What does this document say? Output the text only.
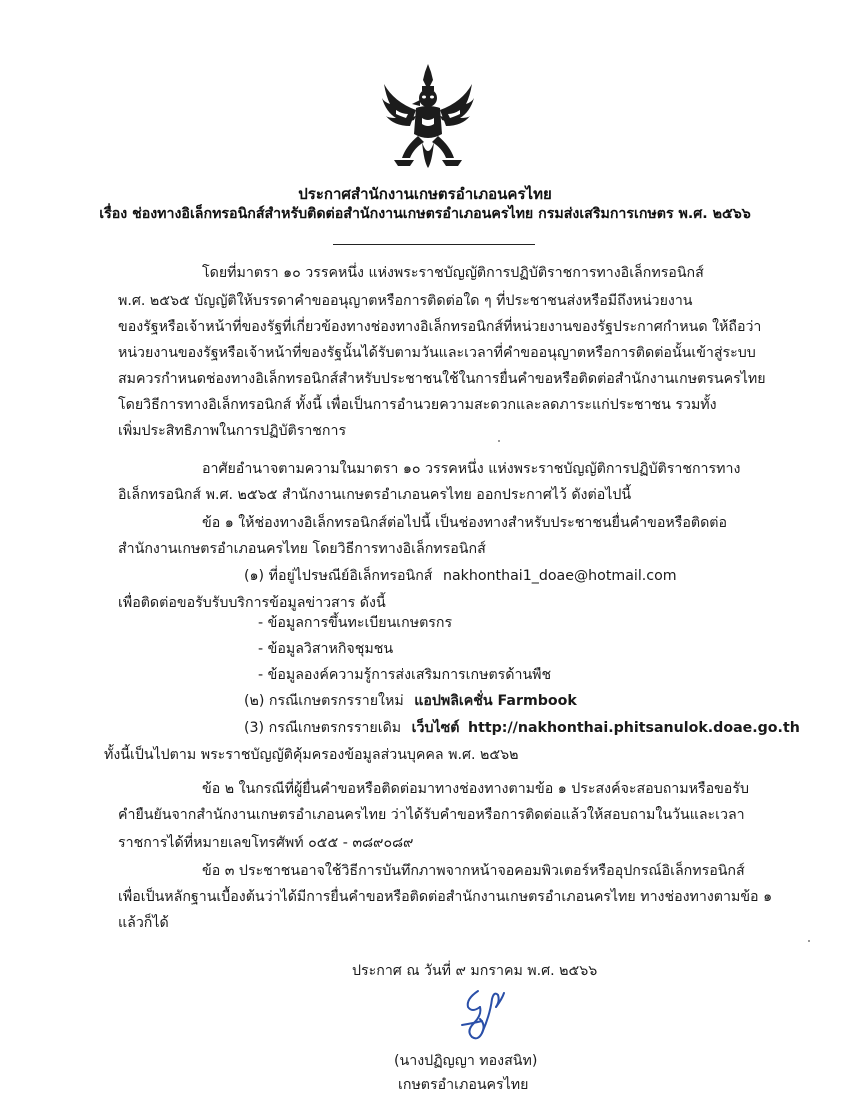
ประกาศสำนักงานเกษตรอำเภอนครไทย
เรื่อง ช่องทางอิเล็กทรอนิกส์สำหรับติดต่อสำนักงานเกษตรอำเภอนครไทย กรมส่งเสริมการเกษตร พ.ศ. ๒๕๖๖
โดยที่มาตรา ๑๐ วรรคหนึ่ง แห่งพระราชบัญญัติการปฏิบัติราชการทางอิเล็กทรอนิกส์
พ.ศ. ๒๕๖๕ บัญญัติให้บรรดาคำขออนุญาตหรือการติดต่อใด ๆ ที่ประชาชนส่งหรือมีถึงหน่วยงาน
ของรัฐหรือเจ้าหน้าที่ของรัฐที่เกี่ยวข้องทางช่องทางอิเล็กทรอนิกส์ที่หน่วยงานของรัฐประกาศกำหนด ให้ถือว่า
หน่วยงานของรัฐหรือเจ้าหน้าที่ของรัฐนั้นได้รับตามวันและเวลาที่คำขออนุญาตหรือการติดต่อนั้นเข้าสู่ระบบ
สมควรกำหนดช่องทางอิเล็กทรอนิกส์สำหรับประชาชนใช้ในการยื่นคำขอหรือติดต่อสำนักงานเกษตรนครไทย
โดยวิธีการทางอิเล็กทรอนิกส์ ทั้งนี้ เพื่อเป็นการอำนวยความสะดวกและลดภาระแก่ประชาชน รวมทั้ง
เพิ่มประสิทธิภาพในการปฏิบัติราชการ
อาศัยอำนาจตามความในมาตรา ๑๐ วรรคหนึ่ง แห่งพระราชบัญญัติการปฏิบัติราชการทาง
อิเล็กทรอนิกส์ พ.ศ. ๒๕๖๕ สำนักงานเกษตรอำเภอนครไทย ออกประกาศไว้ ดังต่อไปนี้
ข้อ ๑ ให้ช่องทางอิเล็กทรอนิกส์ต่อไปนี้ เป็นช่องทางสำหรับประชาชนยื่นคำขอหรือติดต่อ
สำนักงานเกษตรอำเภอนครไทย โดยวิธีการทางอิเล็กทรอนิกส์
(๑) ที่อยู่ไปรษณีย์อิเล็กทรอนิกส์ nakhonthai1_doae@hotmail.com
เพื่อติดต่อขอรับรับบริการข้อมูลข่าวสาร ดังนี้
- ข้อมูลการขึ้นทะเบียนเกษตรกร
- ข้อมูลวิสาหกิจชุมชน
- ข้อมูลองค์ความรู้การส่งเสริมการเกษตรด้านพืช
(๒) กรณีเกษตรกรรายใหม่ แอปพลิเคชั่น Farmbook
(3) กรณีเกษตรกรรายเดิม เว็บไซต์ http://nakhonthai.phitsanulok.doae.go.th
ทั้งนี้เป็นไปตาม พระราชบัญญัติคุ้มครองข้อมูลส่วนบุคคล พ.ศ. ๒๕๖๒
ข้อ ๒ ในกรณีที่ผู้ยื่นคำขอหรือติดต่อมาทางช่องทางตามข้อ ๑ ประสงค์จะสอบถามหรือขอรับ
คำยืนยันจากสำนักงานเกษตรอำเภอนครไทย ว่าได้รับคำขอหรือการติดต่อแล้วให้สอบถามในวันและเวลา
ราชการได้ที่หมายเลขโทรศัพท์ ๐๕๕ - ๓๘๙๐๘๙
ข้อ ๓ ประชาชนอาจใช้วิธีการบันทึกภาพจากหน้าจอคอมพิวเตอร์หรืออุปกรณ์อิเล็กทรอนิกส์
เพื่อเป็นหลักฐานเบื้องต้นว่าได้มีการยื่นคำขอหรือติดต่อสำนักงานเกษตรอำเภอนครไทย ทางช่องทางตามข้อ ๑
แล้วก็ได้
ประกาศ ณ วันที่ ๙ มกราคม พ.ศ. ๒๕๖๖
(นางปฏิญญา ทองสนิท)
เกษตรอำเภอนครไทย
